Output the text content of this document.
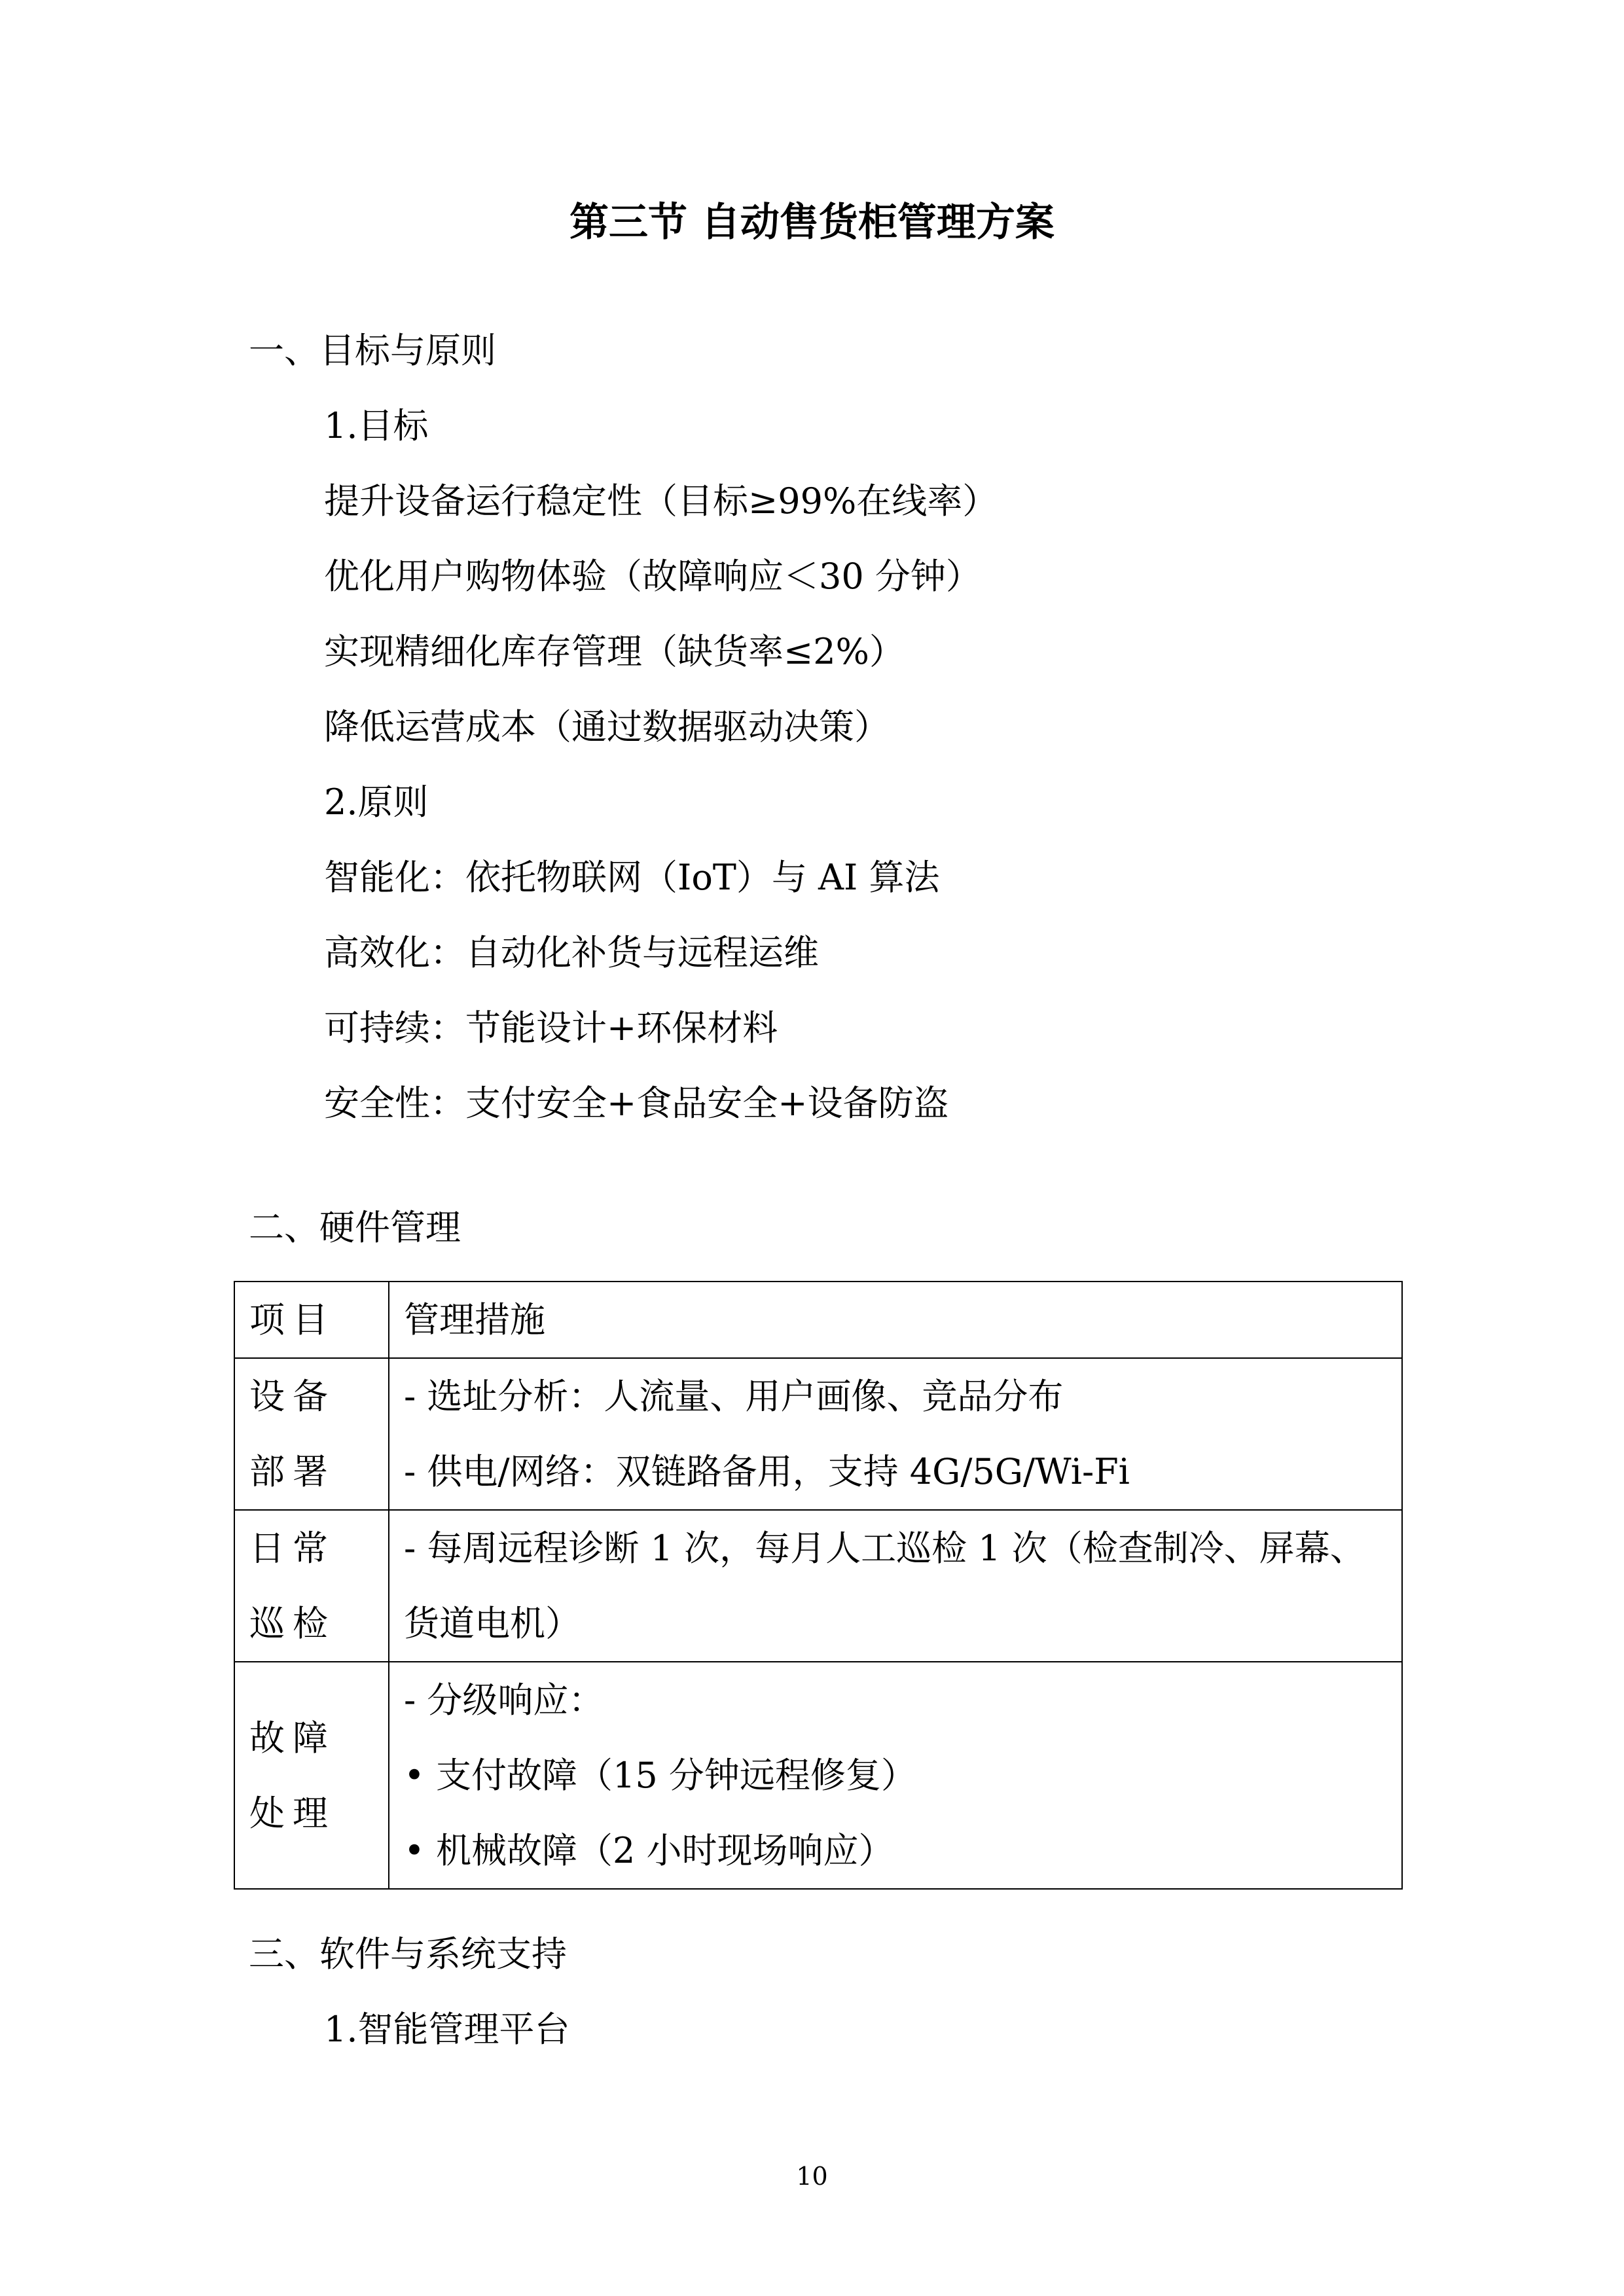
第三节 自动售货柜管理方案
一、目标与原则
1.目标
提升设备运行稳定性（目标≥99%在线率）
优化用户购物体验（故障响应＜30 分钟）
实现精细化库存管理（缺货率≤2%）
降低运营成本（通过数据驱动决策）
2.原则
智能化：依托物联网（IoT）与 AI 算法
高效化：自动化补货与远程运维
可持续：节能设计+环保材料
安全性：支付安全+食品安全+设备防盗
二、硬件管理
项目	管理措施
设备部署	- 选址分析：人流量、用户画像、竞品分布
- 供电/网络：双链路备用，支持 4G/5G/Wi-Fi

日常巡检	- 每周远程诊断 1 次，每月人工巡检 1 次（检查制冷、屏幕、货道电机）
故障处理	- 分级响应：
• 支付故障（15 分钟远程修复）
• 机械故障（2 小时现场响应）
三、软件与系统支持
1.智能管理平台
10
